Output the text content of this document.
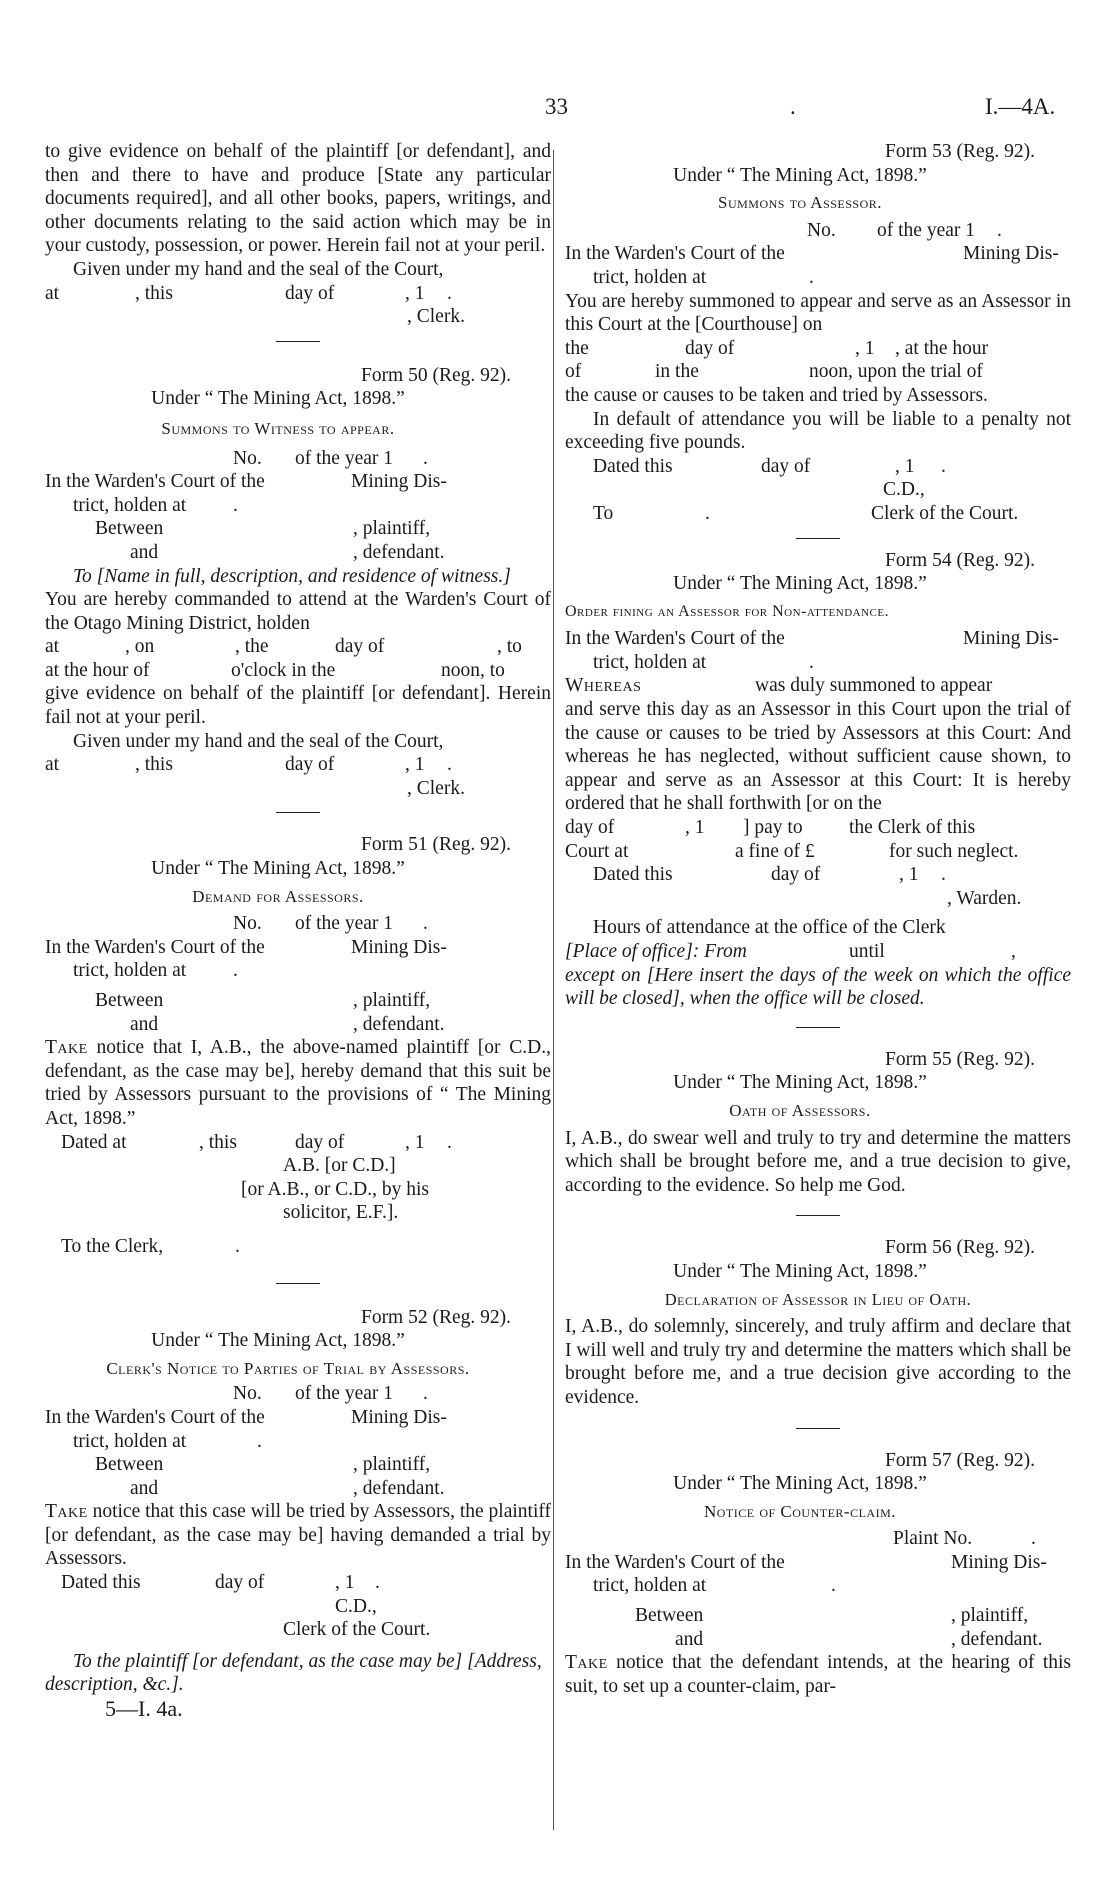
33	.	I.—4A.

to give evidence on behalf of the plaintiff [or defendant], and then and there to have and produce [State any particular documents required], and all other books, papers, writings, and other documents relating to the said action which may be in your custody, possession, or power. Herein fail not at your peril.

Given under my hand and the seal of the Court,

at	, this	day of	, 1 .
, Clerk.

Form 50 (Reg. 92).

Under “ The Mining Act, 1898.”

Summons to Witness to appear.

No. of the year 1 .
In the Warden's Court of the	Mining Dis-
trict, holden at .
Between	, plaintiff,
and	, defendant.

To [Name in full, description, and residence of witness.]

You are hereby commanded to attend at the Warden's Court of the Otago Mining District, holden

at	, on	, the	day of	, to
at the hour of	o'clock in the	noon, to

give evidence on behalf of the plaintiff [or defendant]. Herein fail not at your peril.

Given under my hand and the seal of the Court,

at	, this	day of	, 1 .
, Clerk.

Form 51 (Reg. 92).

Under “ The Mining Act, 1898.”

Demand for Assessors.

No. of the year 1 .
In the Warden's Court of the	Mining Dis-
trict, holden at .
Between	, plaintiff,
and	, defendant.

Take notice that I, A.B., the above-named plaintiff [or C.D., defendant, as the case may be], hereby demand that this suit be tried by Assessors pursuant to the provisions of “ The Mining Act, 1898.”

Dated at	, this	day of	, 1 .
A.B. [or C.D.]
[or A.B., or C.D., by his
solicitor, E.F.].
To the Clerk,	.

Form 52 (Reg. 92).

Under “ The Mining Act, 1898.”

Clerk's Notice to Parties of Trial by Assessors.

No. of the year 1 .
In the Warden's Court of the	Mining Dis-
trict, holden at	.
Between	, plaintiff,
and	, defendant.

Take notice that this case will be tried by Assessors, the plaintiff [or defendant, as the case may be] having demanded a trial by Assessors.

Dated this	day of	, 1 .
C.D.,
Clerk of the Court.

To the plaintiff [or defendant, as the case may be] [Address, description, &c.].

5—I. 4a.

Form 53 (Reg. 92).

Under “ The Mining Act, 1898.”

Summons to Assessor.

No. of the year 1 .
In the Warden's Court of the	Mining Dis-
trict, holden at	.

You are hereby summoned to appear and serve as an Assessor in this Court at the [Courthouse] on

the	day of	, 1 , at the hour
of	in the	noon, upon the trial of

the cause or causes to be taken and tried by Assessors.

In default of attendance you will be liable to a penalty not exceeding five pounds.

Dated this	day of	, 1 .
C.D.,
To	.	Clerk of the Court.

Form 54 (Reg. 92).

Under “ The Mining Act, 1898.”

Order fining an Assessor for Non-attendance.

In the Warden's Court of the	Mining Dis-
trict, holden at	.
Whereas	was duly summoned to appear

and serve this day as an Assessor in this Court upon the trial of the cause or causes to be tried by Assessors at this Court: And whereas he has neglected, without sufficient cause shown, to appear and serve as an Assessor at this Court: It is hereby ordered that he shall forthwith [or on the

day of	, 1 ] pay to the Clerk of this
Court at	a fine of £	for such neglect.
Dated this	day of	, 1 .
, Warden.

Hours of attendance at the office of the Clerk

[Place of office]: From	until	,

except on [Here insert the days of the week on which the office will be closed], when the office will be closed.

Form 55 (Reg. 92).

Under “ The Mining Act, 1898.”

Oath of Assessors.

I, A.B., do swear well and truly to try and determine the matters which shall be brought before me, and a true decision to give, according to the evidence. So help me God.

Form 56 (Reg. 92).

Under “ The Mining Act, 1898.”

Declaration of Assessor in Lieu of Oath.

I, A.B., do solemnly, sincerely, and truly affirm and declare that I will well and truly try and determine the matters which shall be brought before me, and a true decision give according to the evidence.

Form 57 (Reg. 92).

Under “ The Mining Act, 1898.”

Notice of Counter-claim.

Plaint No.	.
In the Warden's Court of the	Mining Dis-
trict, holden at	.
Between	, plaintiff,
and	, defendant.

Take notice that the defendant intends, at the hearing of this suit, to set up a counter-claim, par-
